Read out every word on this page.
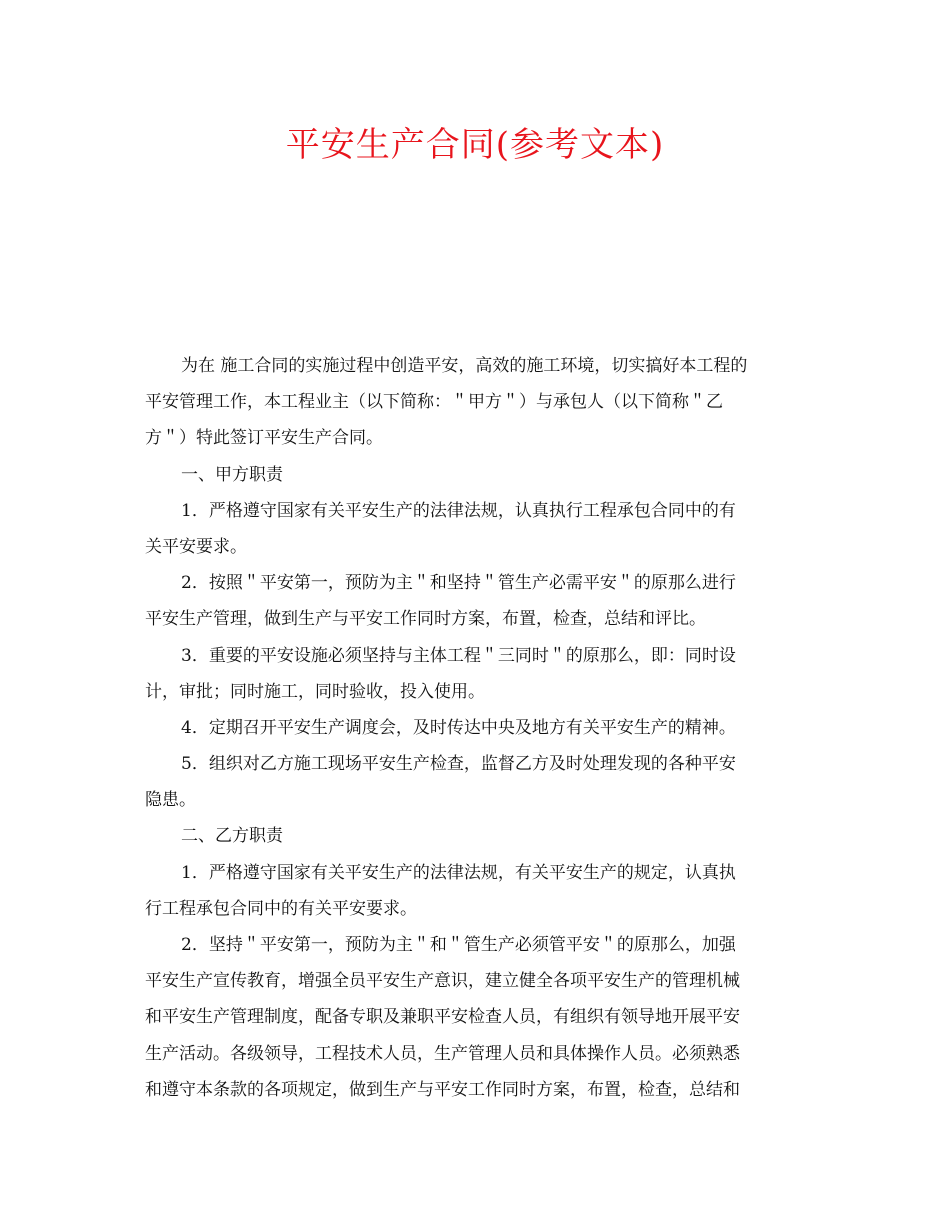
平安生产合同(参考文本)
为在 施工合同的实施过程中创造平安，高效的施工环境，切实搞好本工程的
平安管理工作，本工程业主（以下简称：＂甲方＂）与承包人（以下简称＂乙
方＂）特此签订平安生产合同。
一、甲方职责
1．严格遵守国家有关平安生产的法律法规，认真执行工程承包合同中的有
关平安要求。
2．按照＂平安第一，预防为主＂和坚持＂管生产必需平安＂的原那么进行
平安生产管理，做到生产与平安工作同时方案，布置，检查，总结和评比。
3．重要的平安设施必须坚持与主体工程＂三同时＂的原那么，即：同时设
计，审批；同时施工，同时验收，投入使用。
4．定期召开平安生产调度会，及时传达中央及地方有关平安生产的精神。
5．组织对乙方施工现场平安生产检查，监督乙方及时处理发现的各种平安
隐患。
二、乙方职责
1．严格遵守国家有关平安生产的法律法规，有关平安生产的规定，认真执
行工程承包合同中的有关平安要求。
2．坚持＂平安第一，预防为主＂和＂管生产必须管平安＂的原那么，加强
平安生产宣传教育，增强全员平安生产意识，建立健全各项平安生产的管理机械
和平安生产管理制度，配备专职及兼职平安检查人员，有组织有领导地开展平安
生产活动。各级领导，工程技术人员，生产管理人员和具体操作人员。必须熟悉
和遵守本条款的各项规定，做到生产与平安工作同时方案，布置，检查，总结和
